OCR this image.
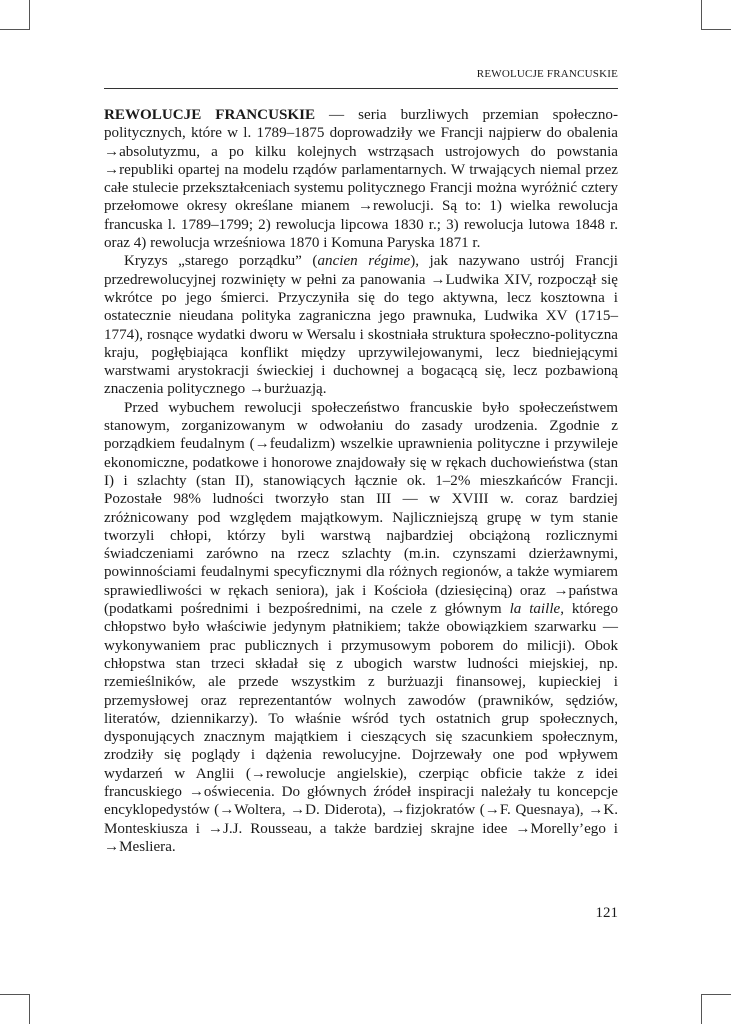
REWOLUCJE FRANCUSKIE

REWOLUCJE FRANCUSKIE — seria burzliwych przemian społeczno-politycznych, które w l. 1789–1875 doprowadziły we Francji najpierw do obalenia →absolutyzmu, a po kilku kolejnych wstrząsach ustrojowych do powstania →republiki opartej na modelu rządów parlamentarnych. W trwających niemal przez całe stulecie przekształceniach systemu politycznego Francji można wyróżnić cztery przełomowe okresy określane mianem →rewolucji. Są to: 1) wielka rewolucja francuska l. 1789–1799; 2) rewolucja lipcowa 1830 r.; 3) rewolucja lutowa 1848 r. oraz 4) rewolucja wrześniowa 1870 i Komuna Paryska 1871 r.

Kryzys „starego porządku” (ancien régime), jak nazywano ustrój Francji przedrewolucyjnej rozwinięty w pełni za panowania →Ludwika XIV, rozpoczął się wkrótce po jego śmierci. Przyczyniła się do tego aktywna, lecz kosztowna i ostatecznie nieudana polityka zagraniczna jego prawnuka, Ludwika XV (1715–1774), rosnące wydatki dworu w Wersalu i skostniała struktura społeczno-polityczna kraju, pogłębiająca konflikt między uprzywilejowanymi, lecz biedniejącymi warstwami arystokracji świeckiej i duchownej a bogacącą się, lecz pozbawioną znaczenia politycznego →burżuazją.

Przed wybuchem rewolucji społeczeństwo francuskie było społeczeństwem stanowym, zorganizowanym w odwołaniu do zasady urodzenia. Zgodnie z porządkiem feudalnym (→feudalizm) wszelkie uprawnienia polityczne i przywileje ekonomiczne, podatkowe i honorowe znajdowały się w rękach duchowieństwa (stan I) i szlachty (stan II), stanowiących łącznie ok. 1–2% mieszkańców Francji. Pozostałe 98% ludności tworzyło stan III — w XVIII w. coraz bardziej zróżnicowany pod względem majątkowym. Najliczniejszą grupę w tym stanie tworzyli chłopi, którzy byli warstwą najbardziej obciążoną rozlicznymi świadczeniami zarówno na rzecz szlachty (m.in. czynszami dzierżawnymi, powinnościami feudalnymi specyficznymi dla różnych regionów, a także wymiarem sprawiedliwości w rękach seniora), jak i Kościoła (dziesięciną) oraz →państwa (podatkami pośrednimi i bezpośrednimi, na czele z głównym la taille, którego chłopstwo było właściwie jedynym płatnikiem; także obowiązkiem szarwarku — wykonywaniem prac publicznych i przymusowym poborem do milicji). Obok chłopstwa stan trzeci składał się z ubogich warstw ludności miejskiej, np. rzemieślników, ale przede wszystkim z burżuazji finansowej, kupieckiej i przemysłowej oraz reprezentantów wolnych zawodów (prawników, sędziów, literatów, dziennikarzy). To właśnie wśród tych ostatnich grup społecznych, dysponujących znacznym majątkiem i cieszących się szacunkiem społecznym, zrodziły się poglądy i dążenia rewolucyjne. Dojrzewały one pod wpływem wydarzeń w Anglii (→rewolucje angielskie), czerpiąc obficie także z idei francuskiego →oświecenia. Do głównych źródeł inspiracji należały tu koncepcje encyklopedystów (→Woltera, →D. Diderota), →fizjokratów (→F. Quesnaya), →K. Monteskiusza i →J.J. Rousseau, a także bardziej skrajne idee →Morelly’ego i →Mesliera.

121
